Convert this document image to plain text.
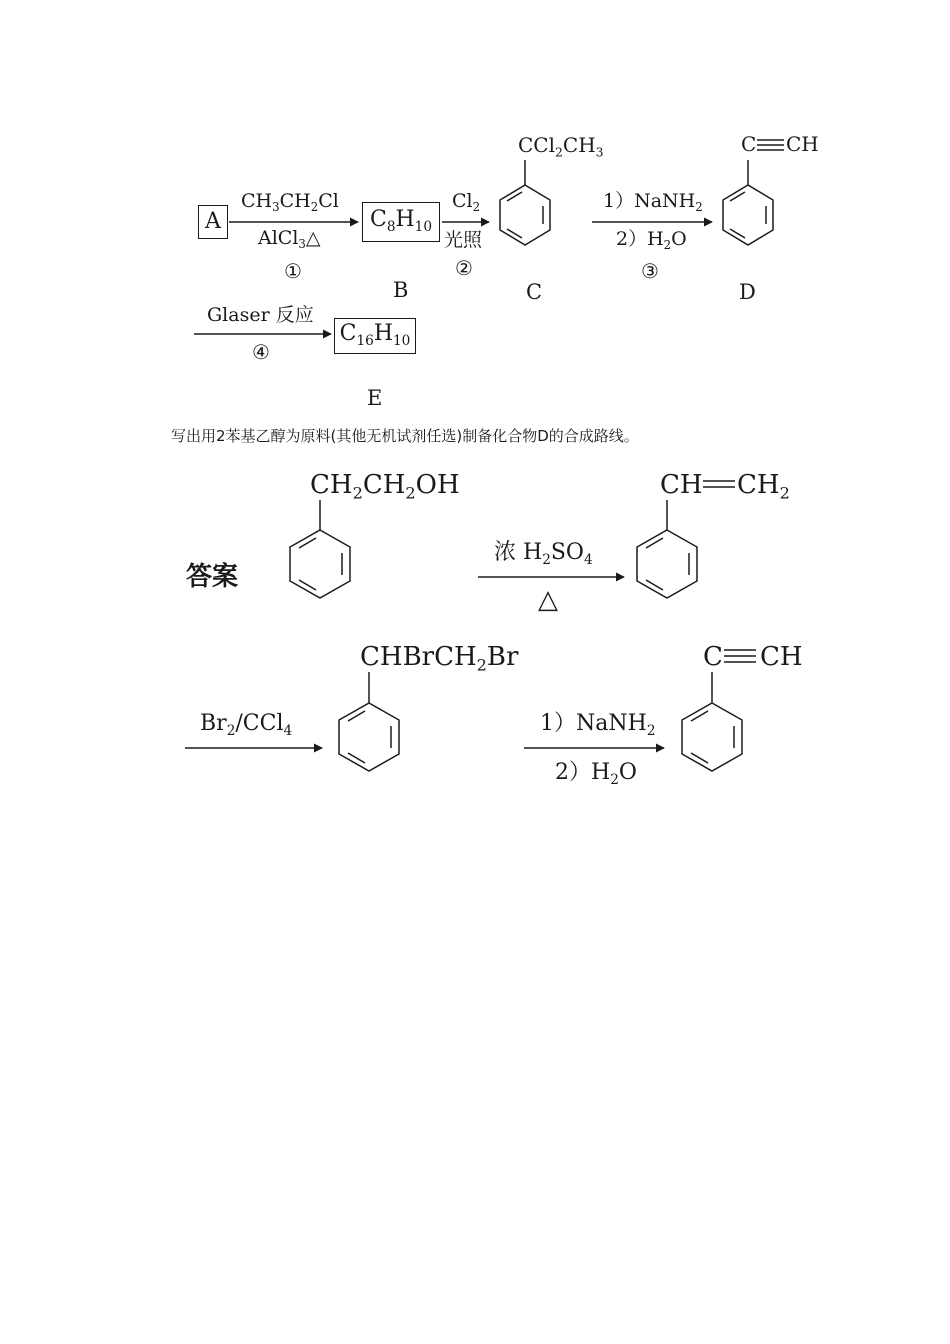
A
$CH_3CH_2Cl$
AlCl$_3$△
①
$C_8H_{10}$
B
$Cl_2$
光照
②
$CCl_2CH_3$
C
1）NaNH$_2$
$2)H_2O$
③
C CH
D
Glaser 反应
④
$C_{16}H_{10}$
E
写出用2苯基乙醇为原料(其他无机试剂任选)制备化合物D的合成路线。
答案
$CH_2CH_2OH$
浓 $H_2SO_4$
△
CH $CH_2$
CHBrCH$_2$Br
$Br_2/CCl_4$	1）NaNH$_2$
$2)H_2O$
C CH
